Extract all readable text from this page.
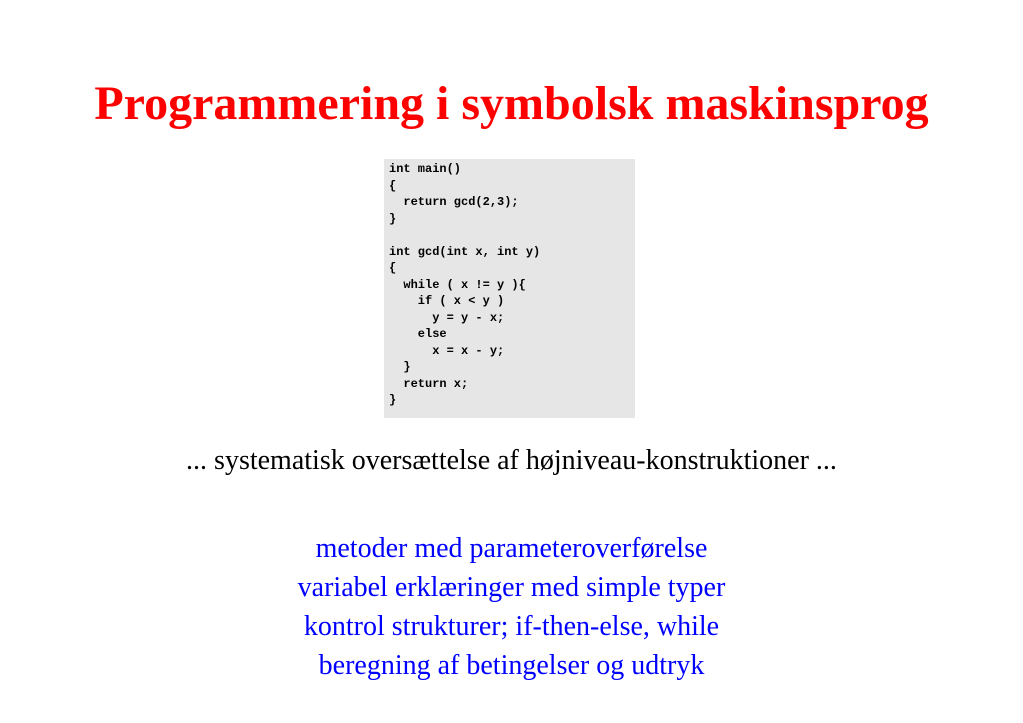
Programmering i symbolsk maskinsprog
int main()
{
return gcd(2,3);
}

int gcd(int x, int y)
{
while ( x != y ){
if ( x < y )
y = y - x;
else
x = x - y;
}
return x;
}

... systematisk oversættelse af højniveau-konstruktioner ...

metoder med parameteroverførelse
variabel erklæringer med simple typer
kontrol strukturer; if-then-else, while
beregning af betingelser og udtryk
